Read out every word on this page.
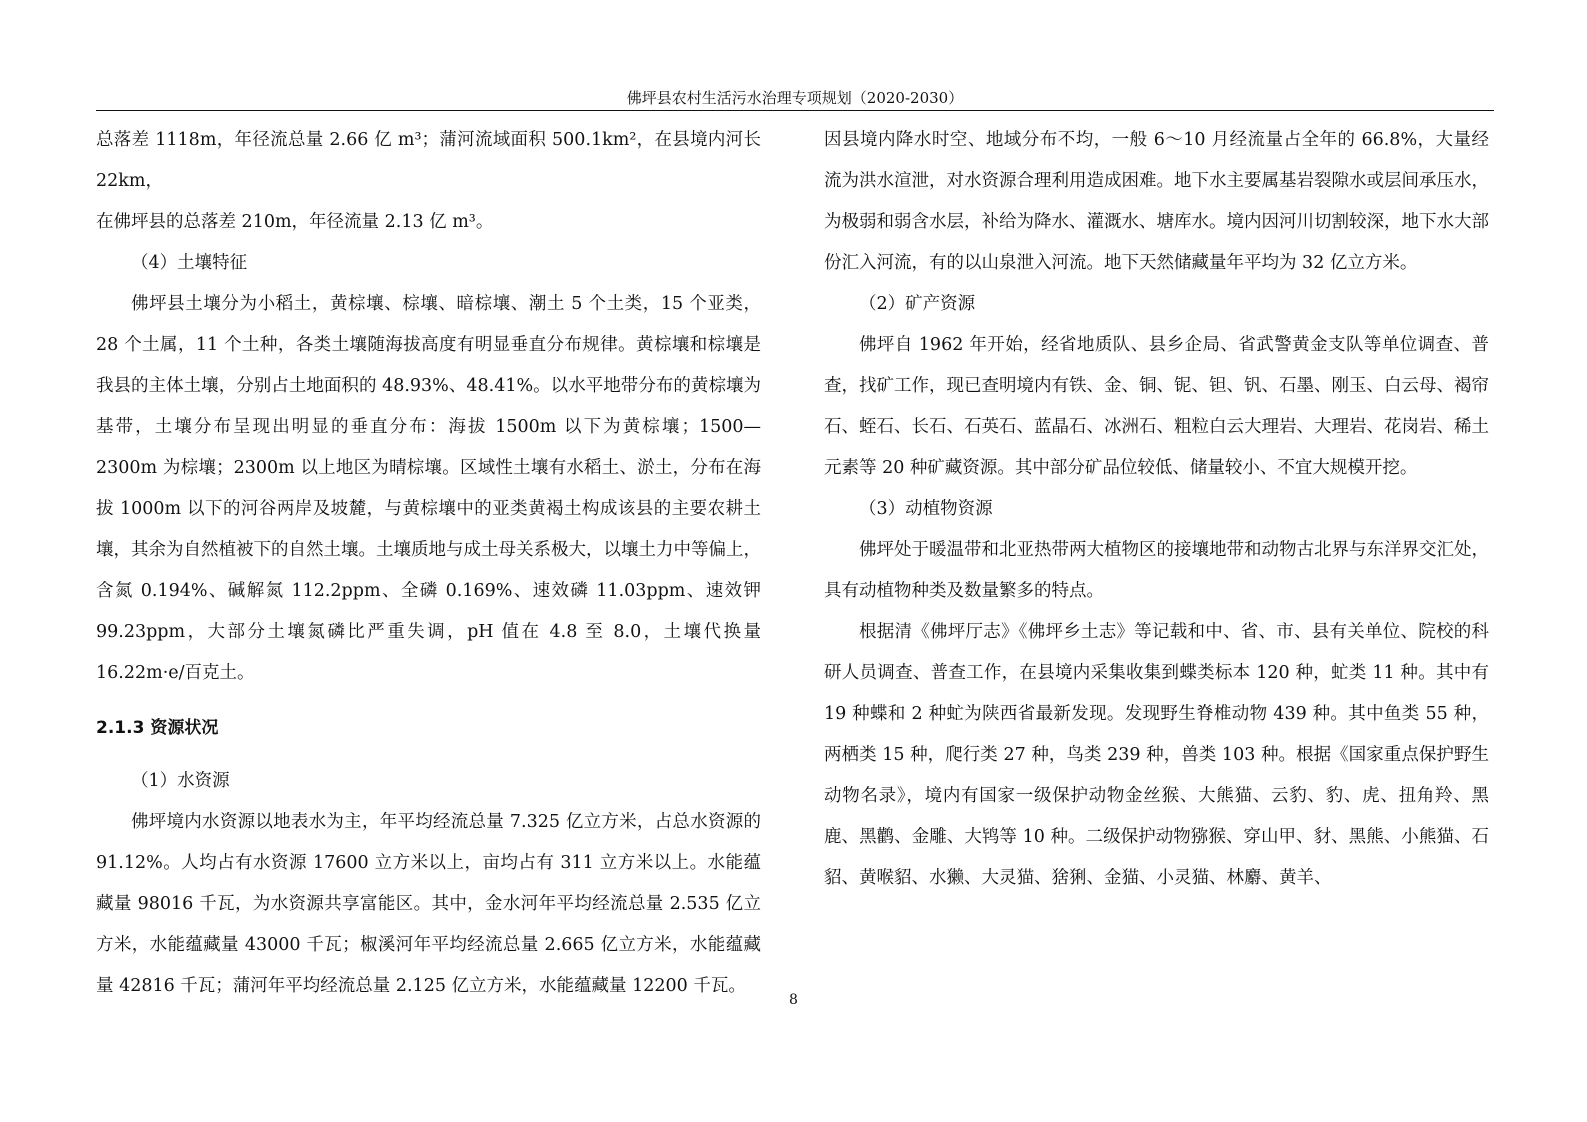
佛坪县农村生活污水治理专项规划（2020-2030）

总落差 1118m，年径流总量 2.66 亿 m³；蒲河流域面积 500.1km²，在县境内河长 22km，

在佛坪县的总落差 210m，年径流量 2.13 亿 m³。

（4）土壤特征

佛坪县土壤分为小稻土，黄棕壤、棕壤、暗棕壤、潮土 5 个土类，15 个亚类，28 个土属，11 个土种，各类土壤随海拔高度有明显垂直分布规律。黄棕壤和棕壤是我县的主体土壤，分别占土地面积的 48.93%、48.41%。以水平地带分布的黄棕壤为基带，土壤分布呈现出明显的垂直分布：海拔 1500m 以下为黄棕壤；1500—2300m 为棕壤；2300m 以上地区为晴棕壤。区域性土壤有水稻土、淤土，分布在海拔 1000m 以下的河谷两岸及坡麓，与黄棕壤中的亚类黄褐土构成该县的主要农耕土壤，其余为自然植被下的自然土壤。土壤质地与成土母关系极大，以壤土力中等偏上，含氮 0.194%、碱解氮 112.2ppm、全磷 0.169%、速效磷 11.03ppm、速效钾 99.23ppm，大部分土壤氮磷比严重失调，pH 值在 4.8 至 8.0，土壤代换量 16.22m·e/百克土。

2.1.3 资源状况

（1）水资源

佛坪境内水资源以地表水为主，年平均经流总量 7.325 亿立方米，占总水资源的 91.12%。人均占有水资源 17600 立方米以上，亩均占有 311 立方米以上。水能蕴藏量 98016 千瓦，为水资源共享富能区。其中，金水河年平均经流总量 2.535 亿立方米，水能蕴藏量 43000 千瓦；椒溪河年平均经流总量 2.665 亿立方米，水能蕴藏量 42816 千瓦；蒲河年平均经流总量 2.125 亿立方米，水能蕴藏量 12200 千瓦。

因县境内降水时空、地域分布不均，一般 6～10 月经流量占全年的 66.8%，大量经流为洪水渲泄，对水资源合理利用造成困难。地下水主要属基岩裂隙水或层间承压水，为极弱和弱含水层，补给为降水、灌溉水、塘库水。境内因河川切割较深，地下水大部份汇入河流，有的以山泉泄入河流。地下天然储藏量年平均为 32 亿立方米。

（2）矿产资源

佛坪自 1962 年开始，经省地质队、县乡企局、省武警黄金支队等单位调查、普查，找矿工作，现已查明境内有铁、金、铜、铌、钽、钒、石墨、刚玉、白云母、褐帘石、蛭石、长石、石英石、蓝晶石、冰洲石、粗粒白云大理岩、大理岩、花岗岩、稀土元素等 20 种矿藏资源。其中部分矿品位较低、储量较小、不宜大规模开挖。

（3）动植物资源

佛坪处于暖温带和北亚热带两大植物区的接壤地带和动物古北界与东洋界交汇处，具有动植物种类及数量繁多的特点。

根据清《佛坪厅志》《佛坪乡土志》等记载和中、省、市、县有关单位、院校的科研人员调查、普查工作，在县境内采集收集到蝶类标本 120 种，虻类 11 种。其中有 19 种蝶和 2 种虻为陕西省最新发现。发现野生脊椎动物 439 种。其中鱼类 55 种，两栖类 15 种，爬行类 27 种，鸟类 239 种，兽类 103 种。根据《国家重点保护野生动物名录》，境内有国家一级保护动物金丝猴、大熊猫、云豹、豹、虎、扭角羚、黑鹿、黑鹳、金雕、大鸨等 10 种。二级保护动物猕猴、穿山甲、豺、黑熊、小熊猫、石貂、黄喉貂、水獭、大灵猫、猞猁、金猫、小灵猫、林麝、黄羊、

8
